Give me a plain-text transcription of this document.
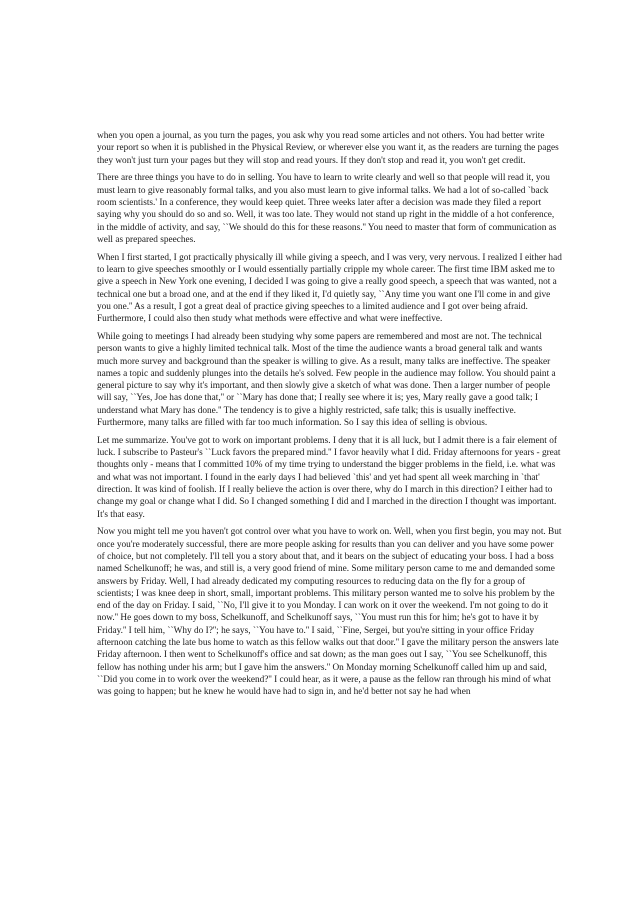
when you open a journal, as you turn the pages, you ask why you read some articles and not others. You had better write your report so when it is published in the Physical Review, or wherever else you want it, as the readers are turning the pages they won't just turn your pages but they will stop and read yours. If they don't stop and read it, you won't get credit.

There are three things you have to do in selling. You have to learn to write clearly and well so that people will read it, you must learn to give reasonably formal talks, and you also must learn to give informal talks. We had a lot of so-called `back room scientists.' In a conference, they would keep quiet. Three weeks later after a decision was made they filed a report saying why you should do so and so. Well, it was too late. They would not stand up right in the middle of a hot conference, in the middle of activity, and say, ``We should do this for these reasons.'' You need to master that form of communication as well as prepared speeches.

When I first started, I got practically physically ill while giving a speech, and I was very, very nervous. I realized I either had to learn to give speeches smoothly or I would essentially partially cripple my whole career. The first time IBM asked me to give a speech in New York one evening, I decided I was going to give a really good speech, a speech that was wanted, not a technical one but a broad one, and at the end if they liked it, I'd quietly say, ``Any time you want one I'll come in and give you one.'' As a result, I got a great deal of practice giving speeches to a limited audience and I got over being afraid. Furthermore, I could also then study what methods were effective and what were ineffective.

While going to meetings I had already been studying why some papers are remembered and most are not. The technical person wants to give a highly limited technical talk. Most of the time the audience wants a broad general talk and wants much more survey and background than the speaker is willing to give. As a result, many talks are ineffective. The speaker names a topic and suddenly plunges into the details he's solved. Few people in the audience may follow. You should paint a general picture to say why it's important, and then slowly give a sketch of what was done. Then a larger number of people will say, ``Yes, Joe has done that,'' or ``Mary has done that; I really see where it is; yes, Mary really gave a good talk; I understand what Mary has done.'' The tendency is to give a highly restricted, safe talk; this is usually ineffective. Furthermore, many talks are filled with far too much information. So I say this idea of selling is obvious.

Let me summarize. You've got to work on important problems. I deny that it is all luck, but I admit there is a fair element of luck. I subscribe to Pasteur's ``Luck favors the prepared mind.'' I favor heavily what I did. Friday afternoons for years - great thoughts only - means that I committed 10% of my time trying to understand the bigger problems in the field, i.e. what was and what was not important. I found in the early days I had believed `this' and yet had spent all week marching in `that' direction. It was kind of foolish. If I really believe the action is over there, why do I march in this direction? I either had to change my goal or change what I did. So I changed something I did and I marched in the direction I thought was important. It's that easy.

Now you might tell me you haven't got control over what you have to work on. Well, when you first begin, you may not. But once you're moderately successful, there are more people asking for results than you can deliver and you have some power of choice, but not completely. I'll tell you a story about that, and it bears on the subject of educating your boss. I had a boss named Schelkunoff; he was, and still is, a very good friend of mine. Some military person came to me and demanded some answers by Friday. Well, I had already dedicated my computing resources to reducing data on the fly for a group of scientists; I was knee deep in short, small, important problems. This military person wanted me to solve his problem by the end of the day on Friday. I said, ``No, I'll give it to you Monday. I can work on it over the weekend. I'm not going to do it now.'' He goes down to my boss, Schelkunoff, and Schelkunoff says, ``You must run this for him; he's got to have it by Friday.'' I tell him, ``Why do I?''; he says, ``You have to.'' I said, ``Fine, Sergei, but you're sitting in your office Friday afternoon catching the late bus home to watch as this fellow walks out that door.'' I gave the military person the answers late Friday afternoon. I then went to Schelkunoff's office and sat down; as the man goes out I say, ``You see Schelkunoff, this fellow has nothing under his arm; but I gave him the answers.'' On Monday morning Schelkunoff called him up and said, ``Did you come in to work over the weekend?'' I could hear, as it were, a pause as the fellow ran through his mind of what was going to happen; but he knew he would have had to sign in, and he'd better not say he had when
